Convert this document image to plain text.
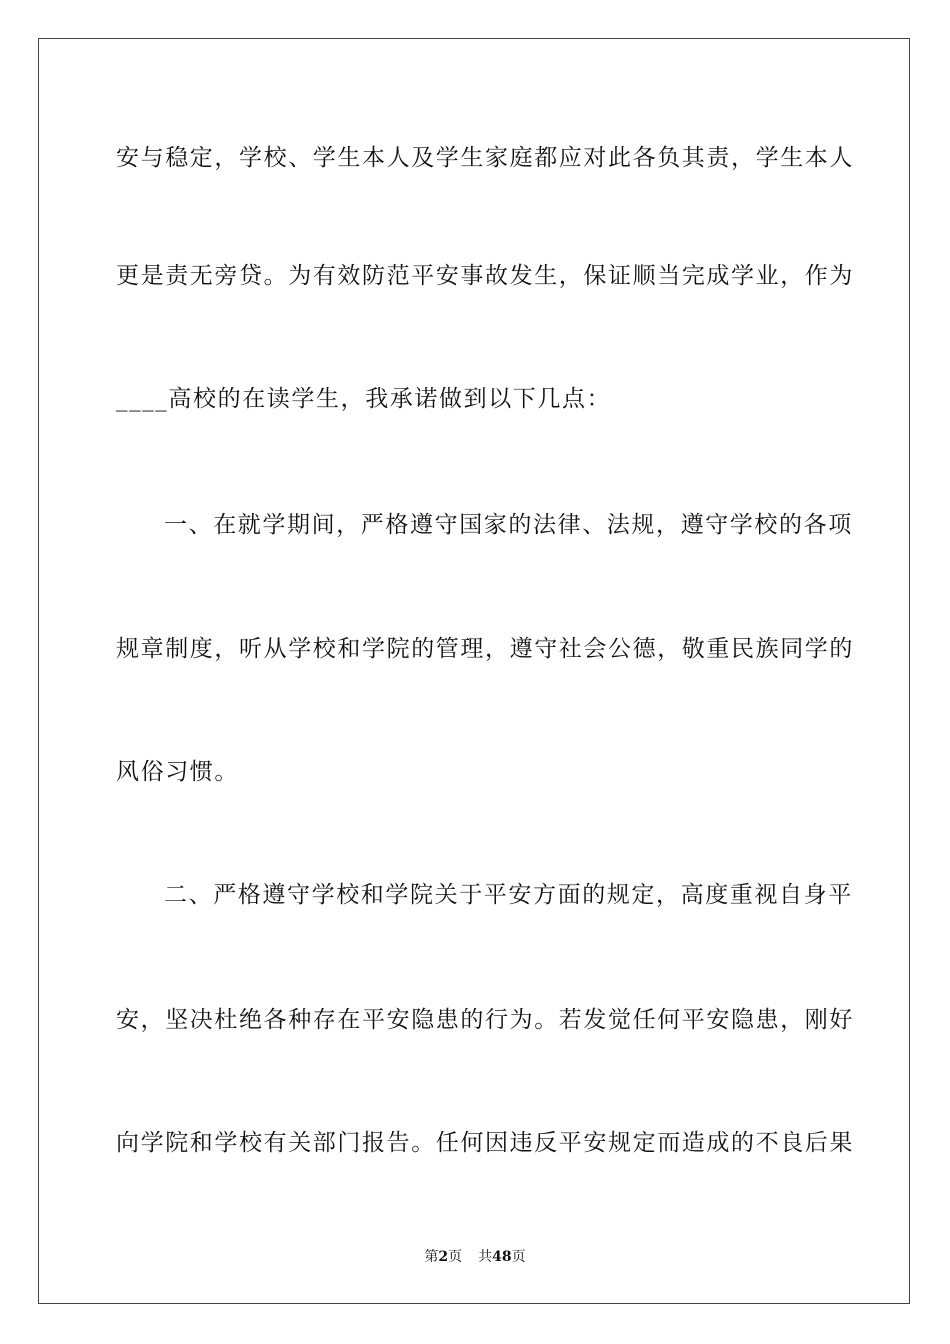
安与稳定，学校、学生本人及学生家庭都应对此各负其责，学生本人
更是责无旁贷。为有效防范平安事故发生，保证顺当完成学业，作为
____高校的在读学生，我承诺做到以下几点：
一、在就学期间，严格遵守国家的法律、法规，遵守学校的各项
规章制度，听从学校和学院的管理，遵守社会公德，敬重民族同学的
风俗习惯。
二、严格遵守学校和学院关于平安方面的规定，高度重视自身平
安，坚决杜绝各种存在平安隐患的行为。若发觉任何平安隐患，刚好
向学院和学校有关部门报告。任何因违反平安规定而造成的不良后果
第2页 共48页
